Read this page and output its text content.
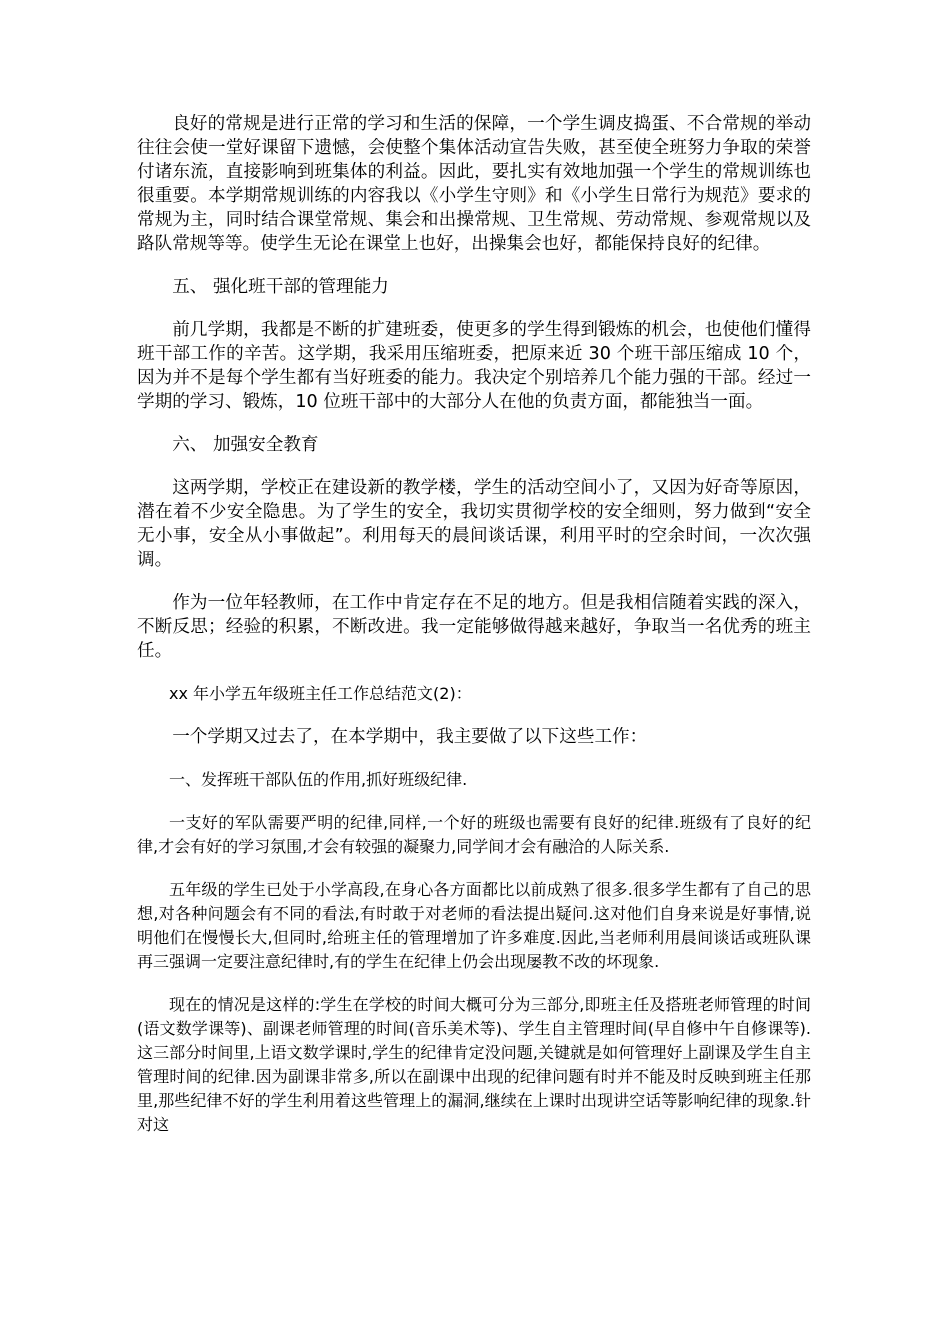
良好的常规是进行正常的学习和生活的保障，一个学生调皮捣蛋、不合常规的举动往往会使一堂好课留下遗憾，会使整个集体活动宣告失败，甚至使全班努力争取的荣誉付诸东流，直接影响到班集体的利益。因此，要扎实有效地加强一个学生的常规训练也很重要。本学期常规训练的内容我以《小学生守则》和《小学生日常行为规范》要求的常规为主，同时结合课堂常规、集会和出操常规、卫生常规、劳动常规、参观常规以及路队常规等等。使学生无论在课堂上也好，出操集会也好，都能保持良好的纪律。

五、 强化班干部的管理能力

前几学期，我都是不断的扩建班委，使更多的学生得到锻炼的机会，也使他们懂得班干部工作的辛苦。这学期，我采用压缩班委，把原来近 30 个班干部压缩成 10 个，因为并不是每个学生都有当好班委的能力。我决定个别培养几个能力强的干部。经过一学期的学习、锻炼，10 位班干部中的大部分人在他的负责方面，都能独当一面。

六、 加强安全教育

这两学期，学校正在建设新的教学楼，学生的活动空间小了，又因为好奇等原因，潜在着不少安全隐患。为了学生的安全，我切实贯彻学校的安全细则，努力做到“安全无小事，安全从小事做起”。利用每天的晨间谈话课，利用平时的空余时间，一次次强调。

作为一位年轻教师，在工作中肯定存在不足的地方。但是我相信随着实践的深入，不断反思；经验的积累，不断改进。我一定能够做得越来越好，争取当一名优秀的班主任。

xx 年小学五年级班主任工作总结范文(2)：

一个学期又过去了，在本学期中，我主要做了以下这些工作：

一、发挥班干部队伍的作用,抓好班级纪律.

一支好的军队需要严明的纪律,同样,一个好的班级也需要有良好的纪律.班级有了良好的纪律,才会有好的学习氛围,才会有较强的凝聚力,同学间才会有融洽的人际关系.

五年级的学生已处于小学高段,在身心各方面都比以前成熟了很多.很多学生都有了自己的思想,对各种问题会有不同的看法,有时敢于对老师的看法提出疑问.这对他们自身来说是好事情,说明他们在慢慢长大,但同时,给班主任的管理增加了许多难度.因此,当老师利用晨间谈话或班队课再三强调一定要注意纪律时,有的学生在纪律上仍会出现屡教不改的坏现象.

现在的情况是这样的:学生在学校的时间大概可分为三部分,即班主任及搭班老师管理的时间(语文数学课等)、副课老师管理的时间(音乐美术等)、学生自主管理时间(早自修中午自修课等).这三部分时间里,上语文数学课时,学生的纪律肯定没问题,关键就是如何管理好上副课及学生自主管理时间的纪律.因为副课非常多,所以在副课中出现的纪律问题有时并不能及时反映到班主任那里,那些纪律不好的学生利用着这些管理上的漏洞,继续在上课时出现讲空话等影响纪律的现象.针对这
